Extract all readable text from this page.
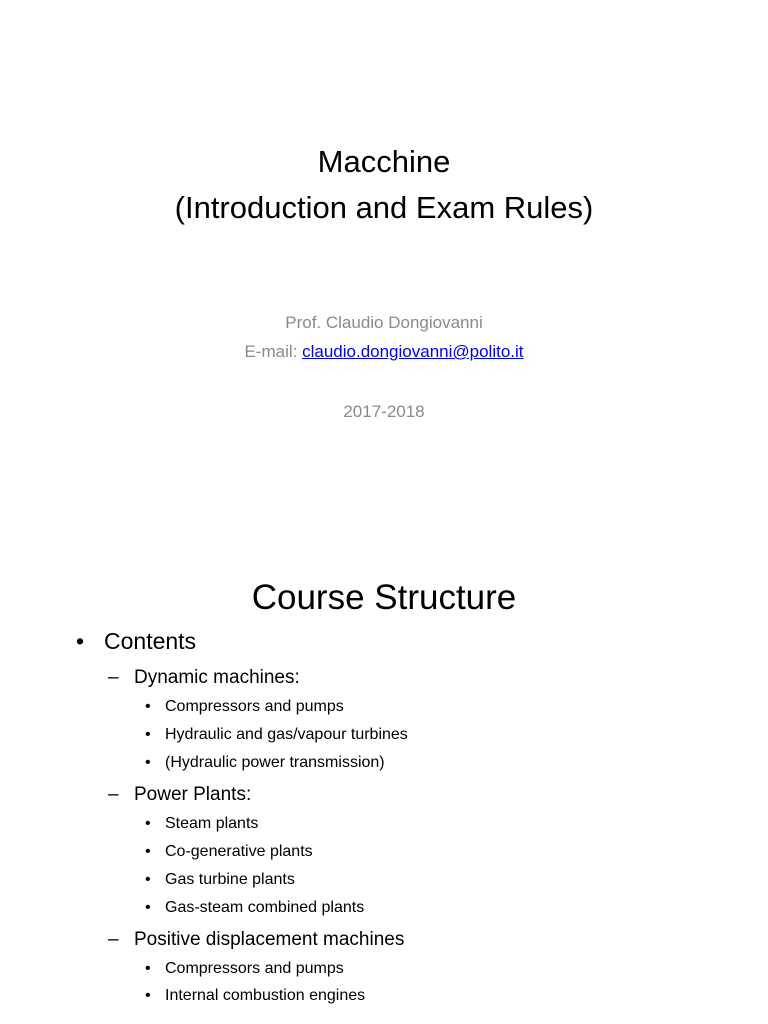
Macchine
(Introduction and Exam Rules)
Prof. Claudio Dongiovanni
E-mail: claudio.dongiovanni@polito.it
2017-2018
Course Structure
• Contents
– Dynamic machines:
• Compressors and pumps
• Hydraulic and gas/vapour turbines
• (Hydraulic power transmission)
– Power Plants:
• Steam plants
• Co-generative plants
• Gas turbine plants
• Gas-steam combined plants
– Positive displacement machines
• Compressors and pumps
• Internal combustion engines
